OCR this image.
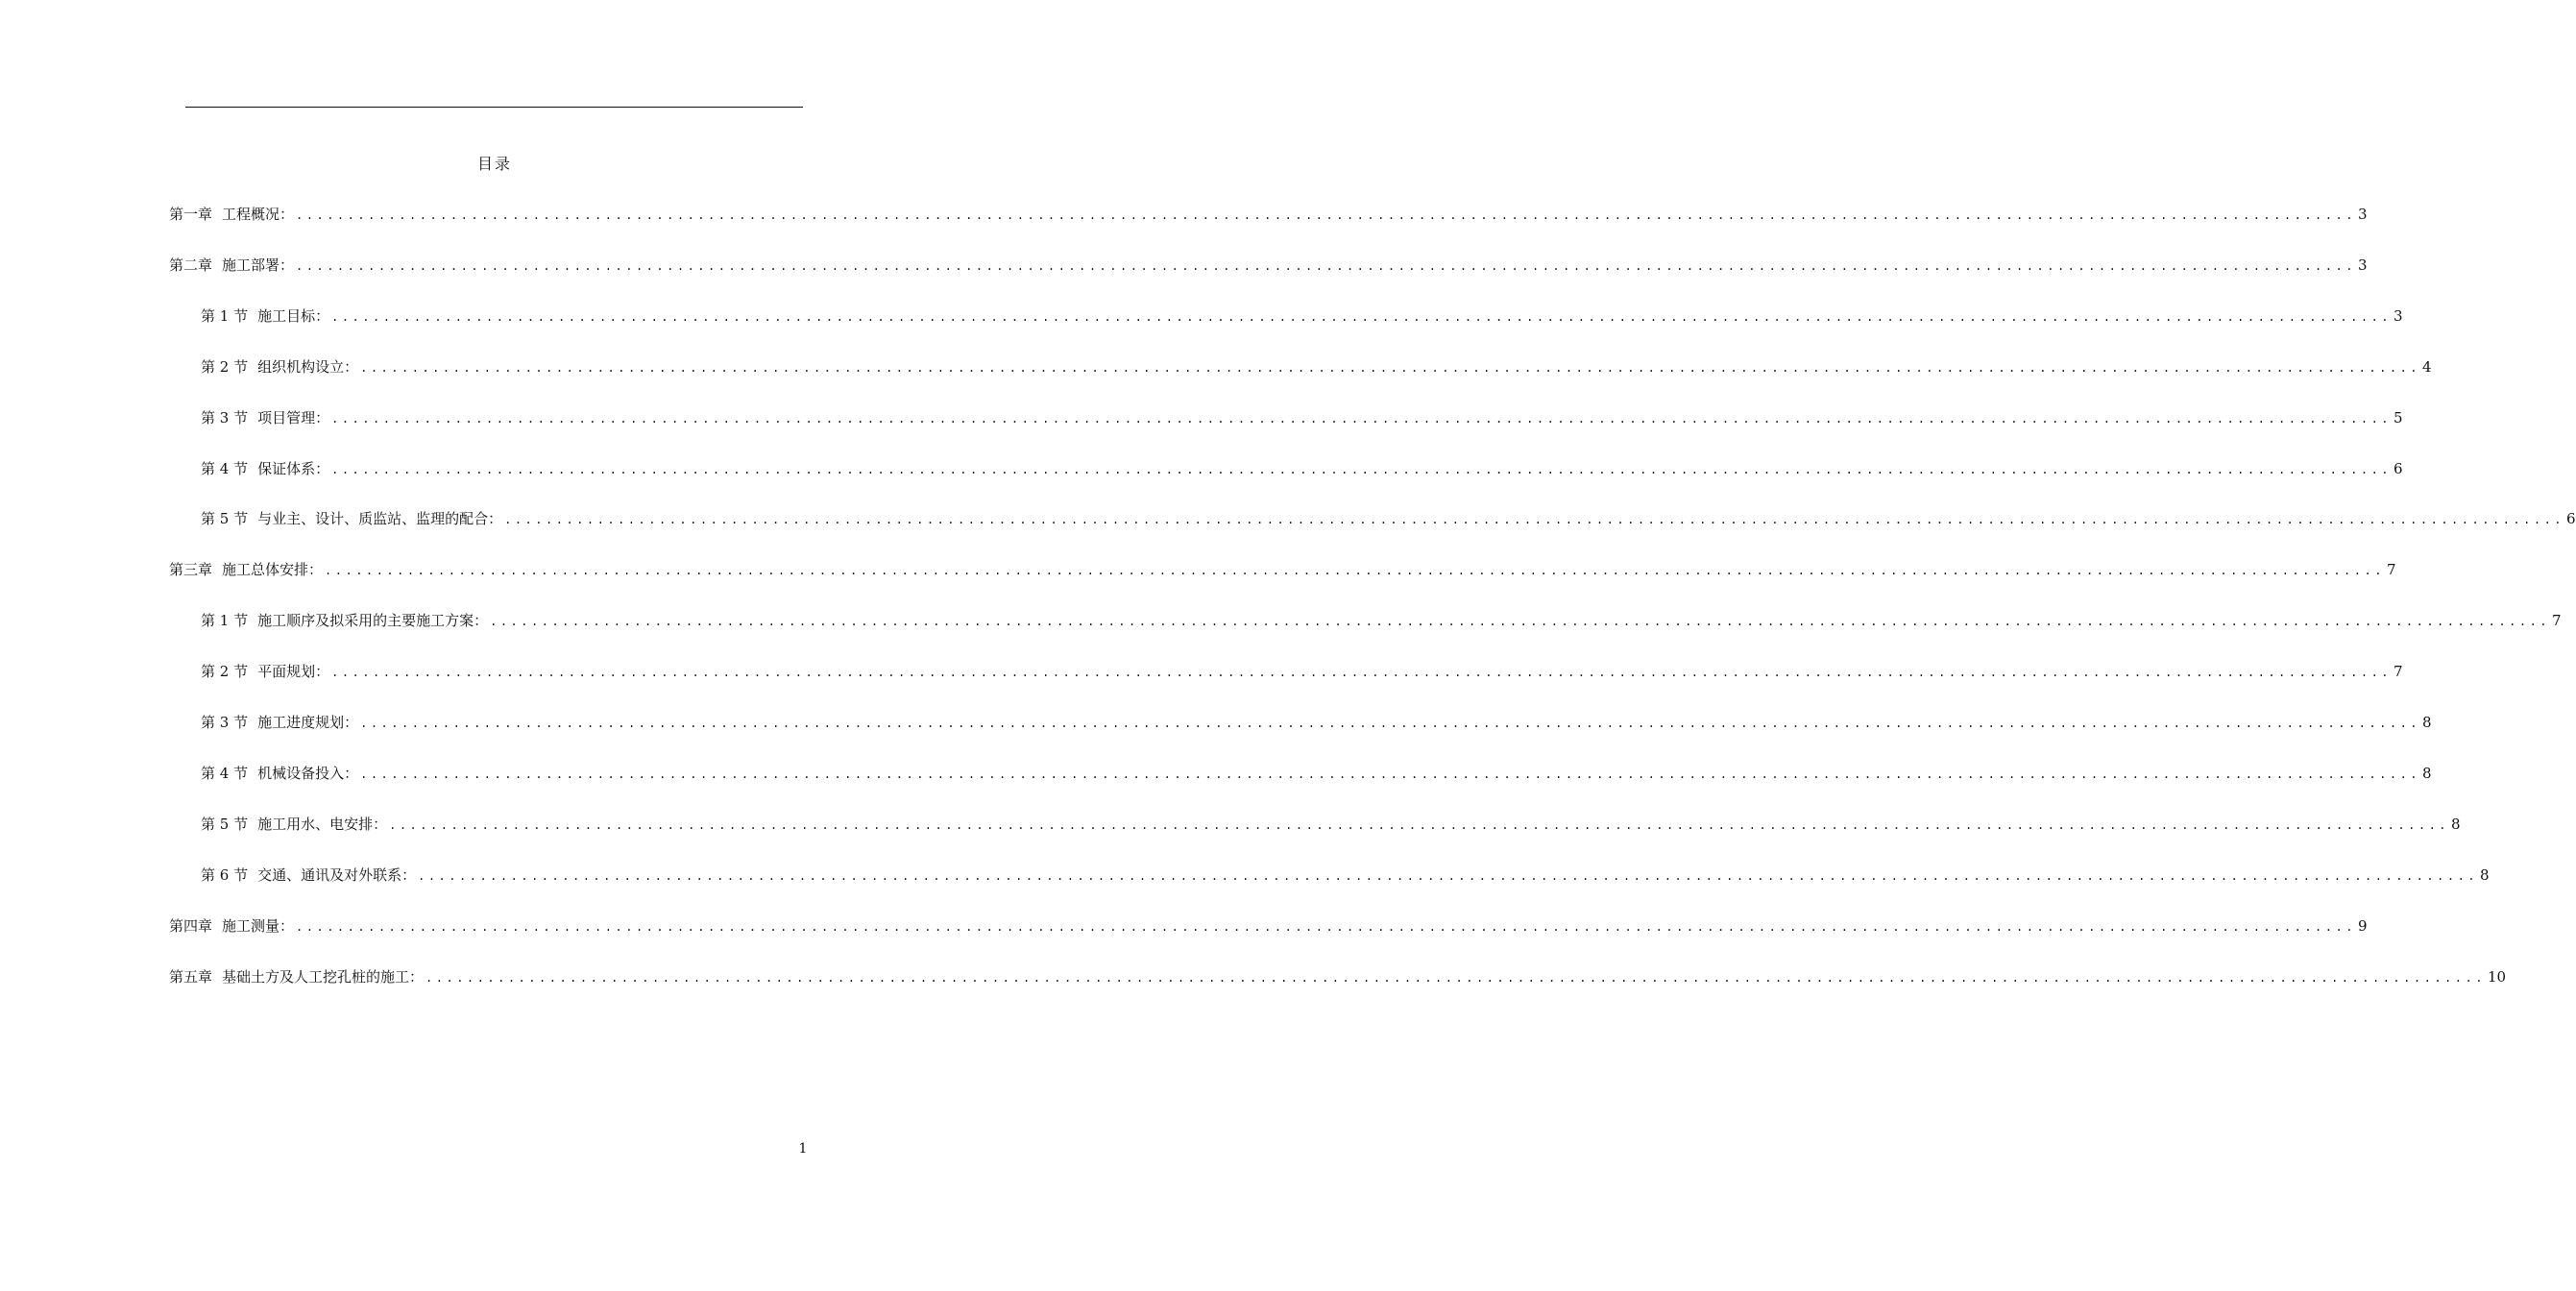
目录
第一章 工程概况： ........................................................................................................................................................................................................ 3
第二章 施工部署： ........................................................................................................................................................................................................ 3
第 1 节 施工目标： ........................................................................................................................................................................................................ 3
第 2 节 组织机构设立： ........................................................................................................................................................................................................ 4
第 3 节 项目管理： ........................................................................................................................................................................................................ 5
第 4 节 保证体系： ........................................................................................................................................................................................................ 6
第 5 节 与业主、设计、质监站、监理的配合： ........................................................................................................................................................................................................ 6
第三章 施工总体安排： ........................................................................................................................................................................................................ 7
第 1 节 施工顺序及拟采用的主要施工方案： ........................................................................................................................................................................................................ 7
第 2 节 平面规划： ........................................................................................................................................................................................................ 7
第 3 节 施工进度规划： ........................................................................................................................................................................................................ 8
第 4 节 机械设备投入： ........................................................................................................................................................................................................ 8
第 5 节 施工用水、电安排： ........................................................................................................................................................................................................ 8
第 6 节 交通、通讯及对外联系： ........................................................................................................................................................................................................ 8
第四章 施工测量： ........................................................................................................................................................................................................ 9
第五章 基础土方及人工挖孔桩的施工： ........................................................................................................................................................................................................ 10
1
